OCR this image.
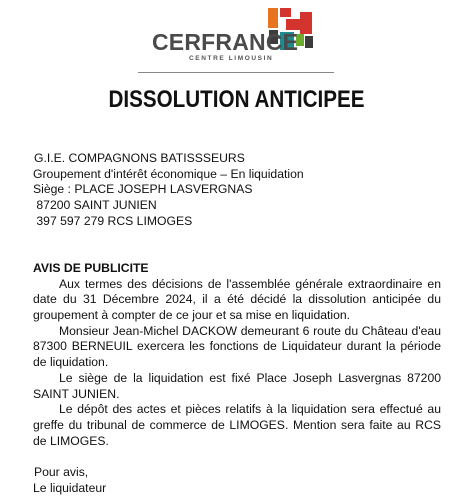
CERFRANCE
CENTRE LIMOUSIN
DISSOLUTION ANTICIPEE
G.I.E. COMPAGNONS BATISSSEURS
Groupement d'intérêt économique – En liquidation
Siège : PLACE JOSEPH LASVERGNAS
87200 SAINT JUNIEN
397 597 279 RCS LIMOGES
AVIS DE PUBLICITE
Aux termes des décisions de l'assemblée générale extraordinaire en date du 31 Décembre 2024, il a été décidé la dissolution anticipée du groupement à compter de ce jour et sa mise en liquidation.
Monsieur Jean-Michel DACKOW demeurant 6 route du Château d'eau 87300 BERNEUIL exercera les fonctions de Liquidateur durant la période de liquidation.
Le siège de la liquidation est fixé Place Joseph Lasvergnas 87200 SAINT JUNIEN.
Le dépôt des actes et pièces relatifs à la liquidation sera effectué au greffe du tribunal de commerce de LIMOGES. Mention sera faite au RCS de LIMOGES.
Pour avis,
Le liquidateur
